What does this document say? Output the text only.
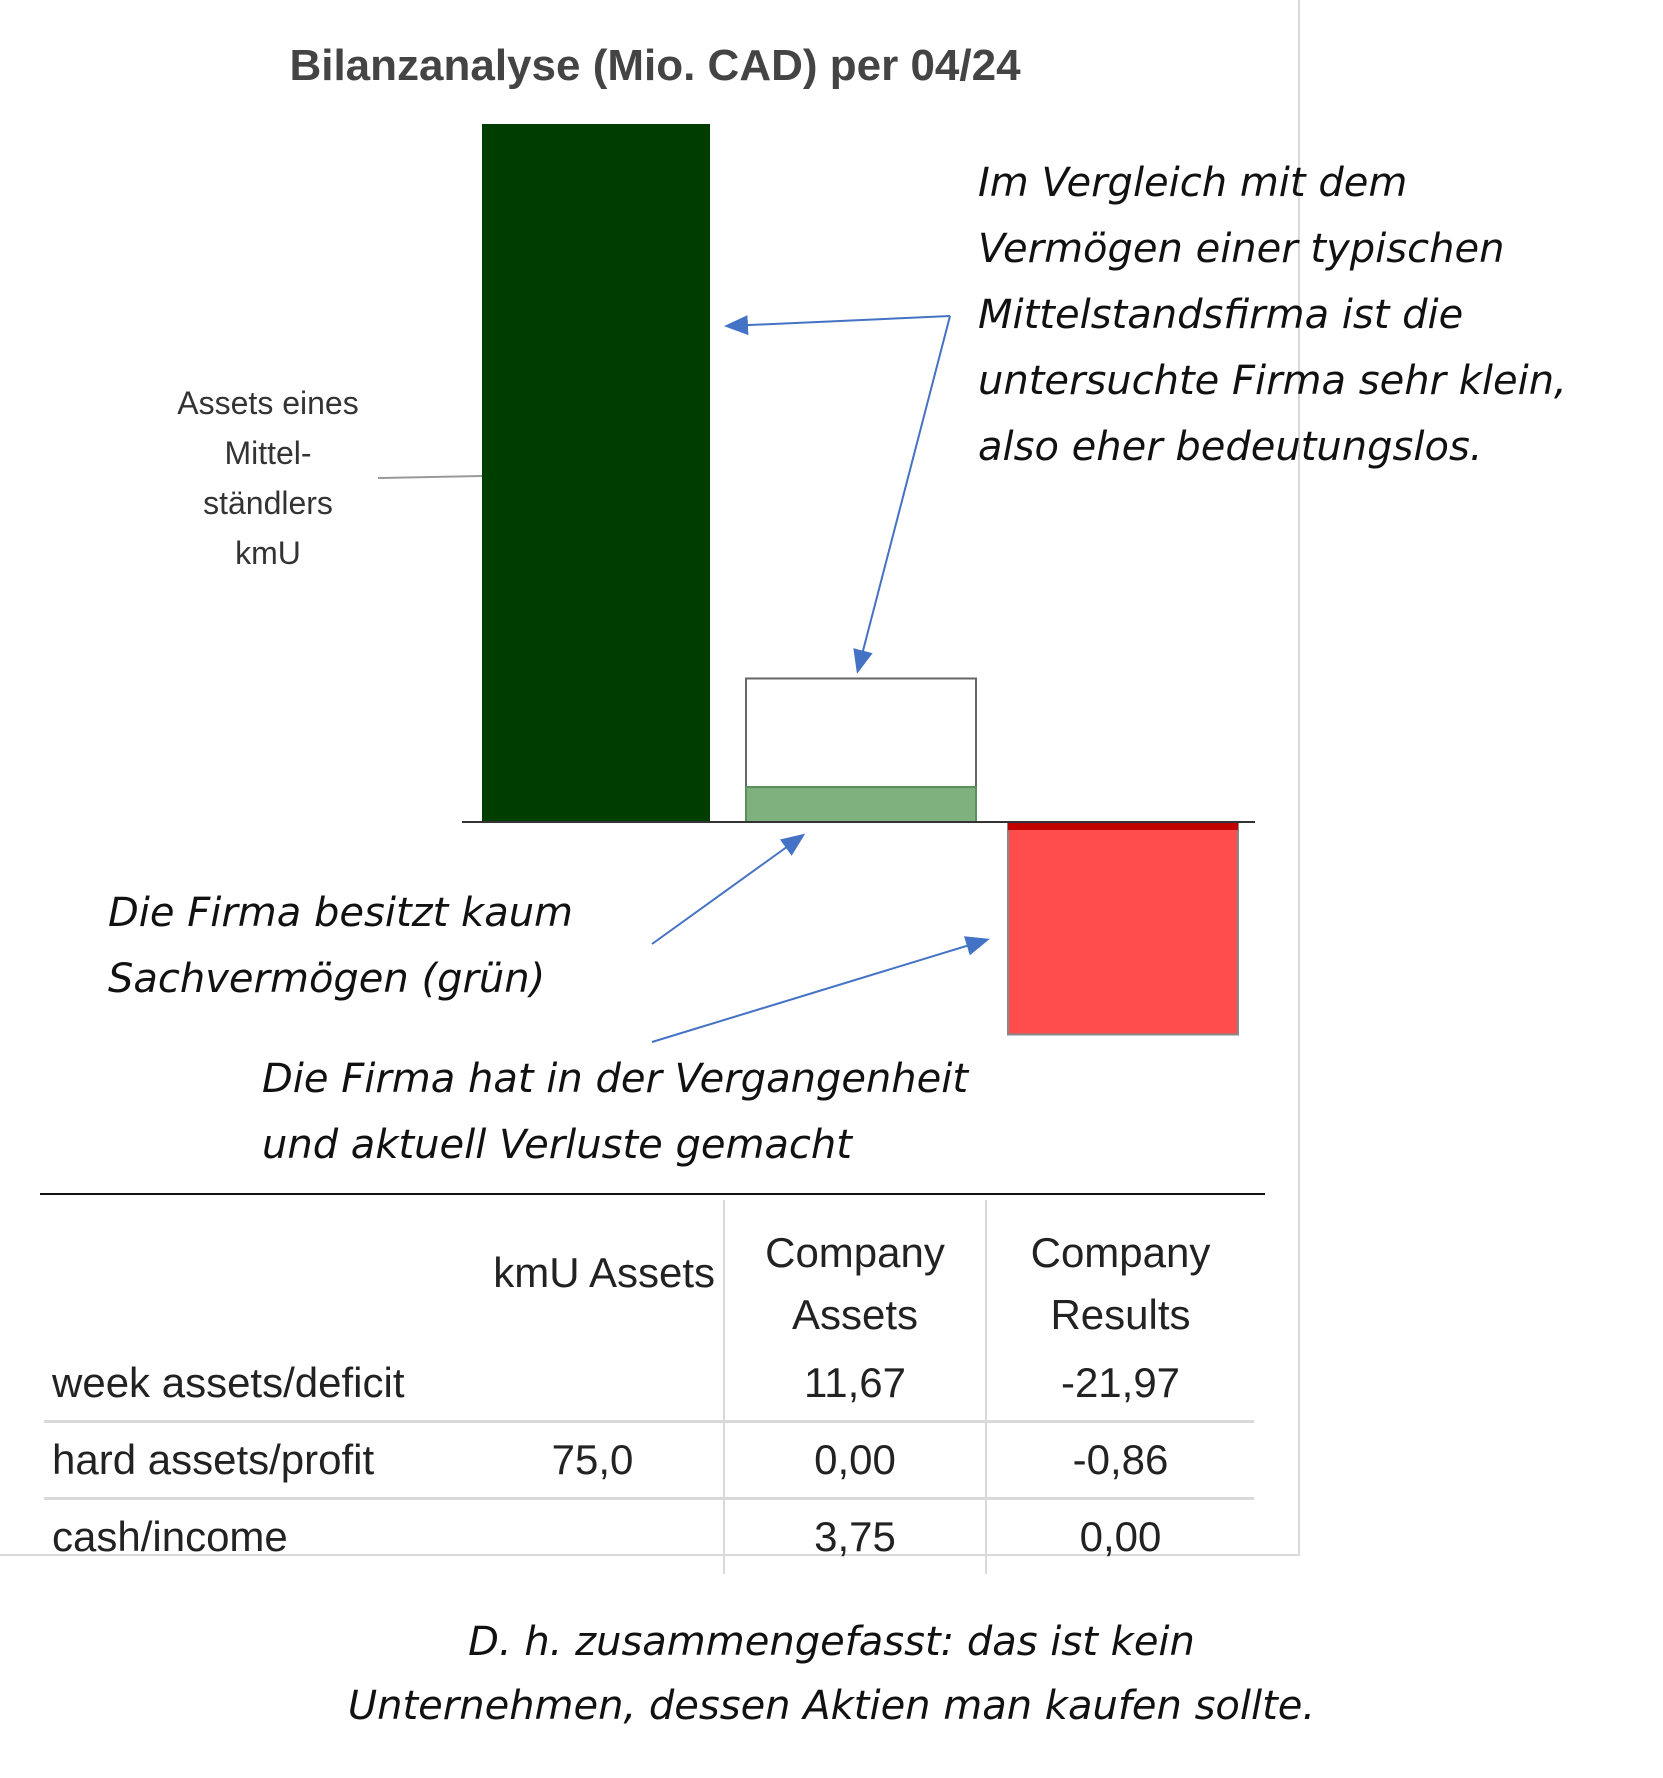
Bilanzanalyse (Mio. CAD) per 04/24
Assets eines
Mittel-
ständlers
kmU
Im Vergleich mit dem
Vermögen einer typischen
Mittelstandsfirma ist die
untersuchte Firma sehr klein,
also eher bedeutungslos.
Die Firma besitzt kaum
Sachvermögen (grün)
Die Firma hat in der Vergangenheit
und aktuell Verluste gemacht
	kmU Assets	Company Assets	Company Results

week assets/deficit		11,67	-21,97
hard assets/profit	75,0	0,00	-0,86
cash/income		3,75	0,00
D. h. zusammengefasst: das ist kein
Unternehmen, dessen Aktien man kaufen sollte.
